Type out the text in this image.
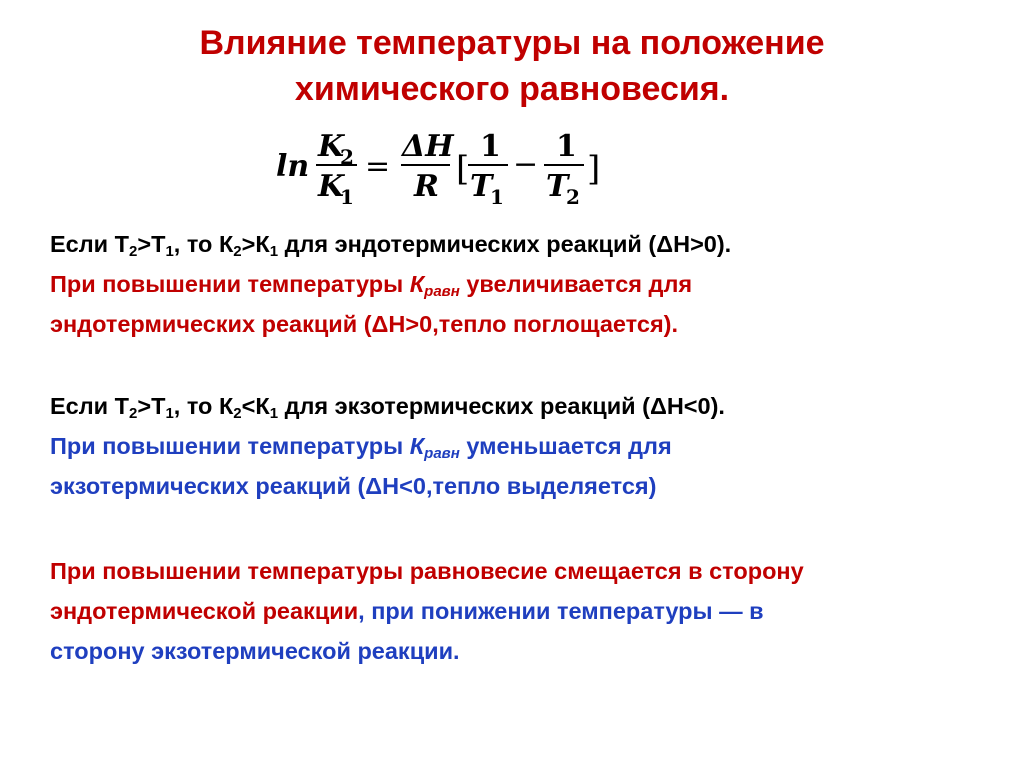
Влияние температуры на положение
химического равновесия.
ln
K
2
K
1
=
ΔH
R [
1
T
1
−
1
T
2
]
Если $Т_2>Т_1$, то $К_2>К_1$ для эндотермических реакций (ΔН>0).
При повышении температуры $К_{равн}$ увеличивается для
эндотермических реакций (ΔН>0,тепло поглощается).
Если $Т_2>Т_1$, то $К_2<К_1$ для экзотермических реакций (ΔН<0).
При повышении температуры $К_{равн}$ уменьшается для
экзотермических реакций (ΔН<0,тепло выделяется)
При повышении температуры равновесие смещается в сторону
эндотермической реакции, при понижении температуры — в
сторону экзотермической реакции.
